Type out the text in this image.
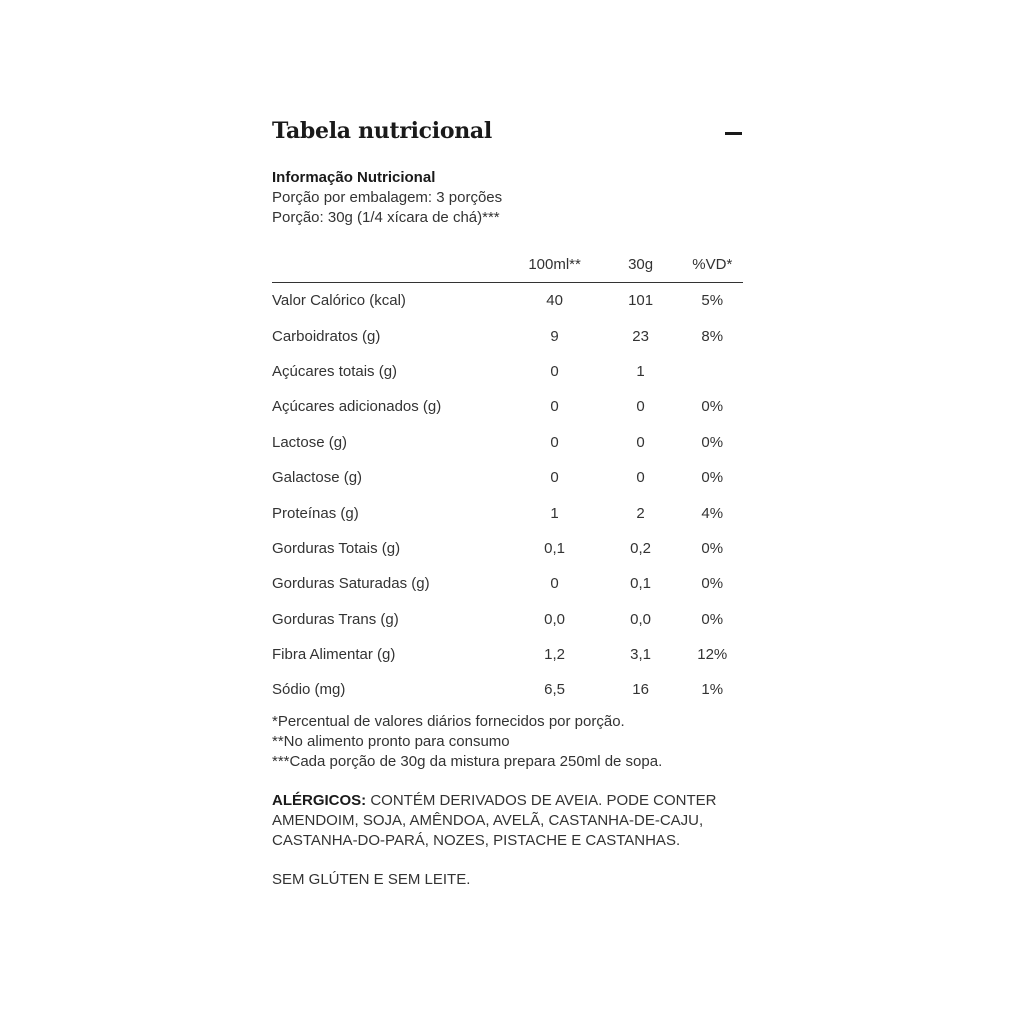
Tabela nutricional
Informação Nutricional
Porção por embalagem: 3 porções
Porção: 30g (1/4 xícara de chá)***
	100ml**	30g	%VD*
Valor Calórico (kcal)	40	101	5%
Carboidratos (g)	9	23	8%
Açúcares totais (g)	0	1	
Açúcares adicionados (g)	0	0	0%
Lactose (g)	0	0	0%
Galactose (g)	0	0	0%
Proteínas (g)	1	2	4%
Gorduras Totais (g)	0,1	0,2	0%
Gorduras Saturadas (g)	0	0,1	0%
Gorduras Trans (g)	0,0	0,0	0%
Fibra Alimentar (g)	1,2	3,1	12%
Sódio (mg)	6,5	16	1%
*Percentual de valores diários fornecidos por porção.
**No alimento pronto para consumo
***Cada porção de 30g da mistura prepara 250ml de sopa.
ALÉRGICOS: CONTÉM DERIVADOS DE AVEIA. PODE CONTER AMENDOIM, SOJA, AMÊNDOA, AVELÃ, CASTANHA-DE-CAJU, CASTANHA-DO-PARÁ, NOZES, PISTACHE E CASTANHAS.
SEM GLÚTEN E SEM LEITE.
